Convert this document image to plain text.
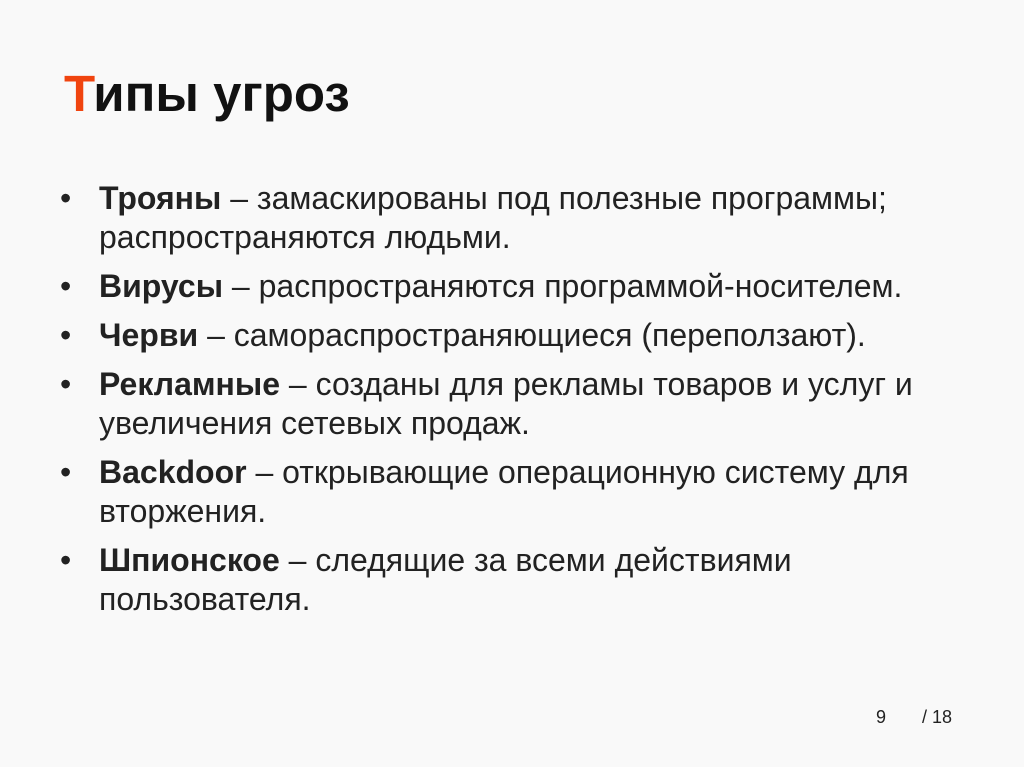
Типы угроз
• Трояны – замаскированы под полезные программы; распространяются людьми.
• Вирусы – распространяются программой-носителем.
• Черви – самораспространяющиеся (переползают).
• Рекламные – созданы для рекламы товаров и услуг и увеличения сетевых продаж.
• Backdoor – открывающие операционную систему для вторжения.
• Шпионское – следящие за всеми действиями пользователя.
9 / 18
